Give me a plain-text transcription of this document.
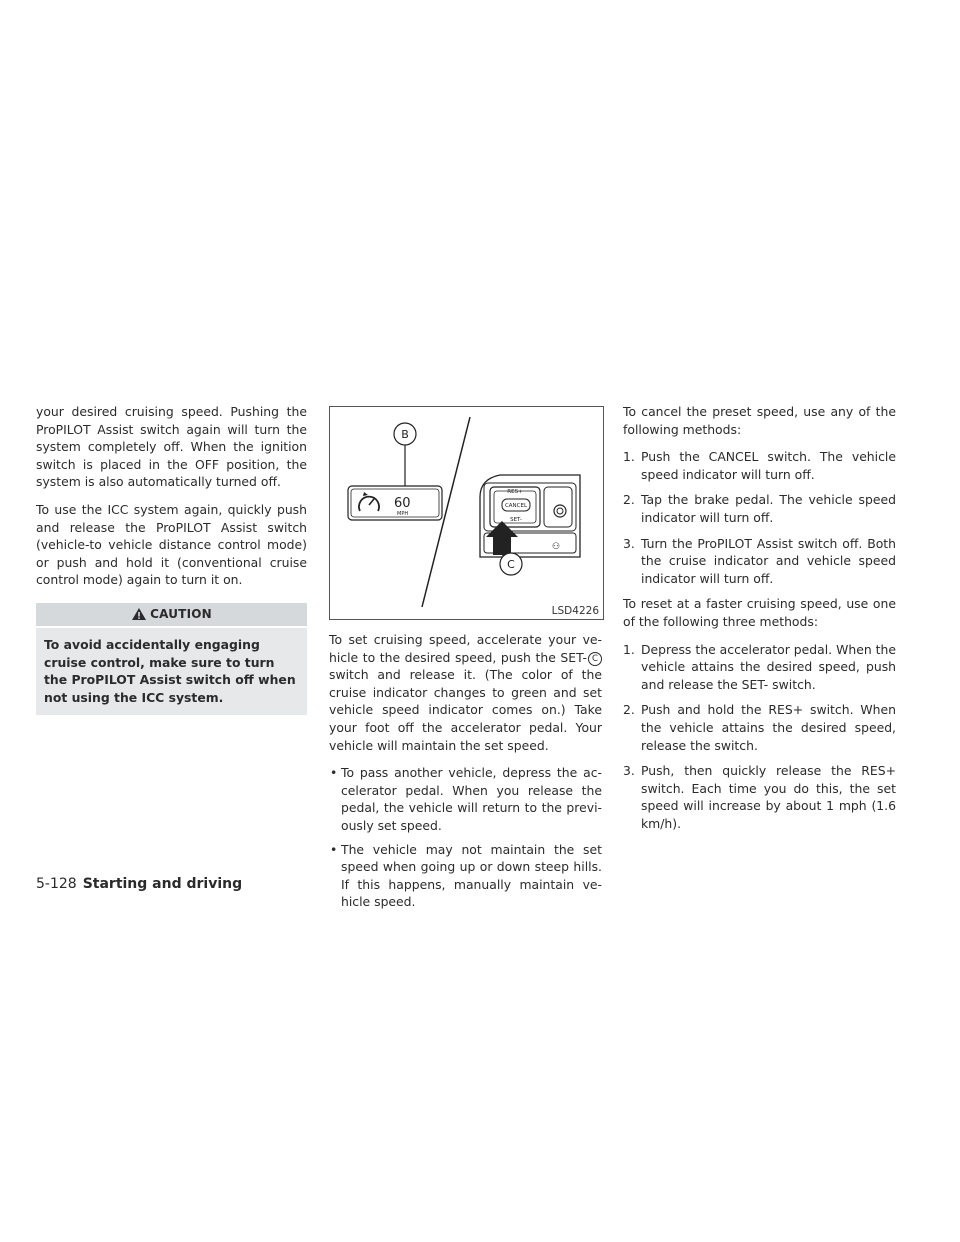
your desired cruising speed. Pushing the ProPILOT Assist switch again will turn the system completely off. When the ignition switch is placed in the OFF position, the system is also automatically turned off.

To use the ICC system again, quickly push and release the ProPILOT Assist switch (vehicle-to vehicle distance control mode) or push and hold it (conventional cruise control mode) again to turn it on.

CAUTION
To avoid accidentally engaging cruise control, make sure to turn the ProPILOT Assist switch off when not using the ICC system.
B
60
MPH
RES+
CANCEL
SET-
⚇
C
LSD4226

To set cruising speed, accelerate your ve-hicle to the desired speed, push the SET- C switch and release it. (The color of the cruise indicator changes to green and set vehicle speed indicator comes on.) Take your foot off the accelerator pedal. Your vehicle will maintain the set speed.

• To pass another vehicle, depress the ac-celerator pedal. When you release the pedal, the vehicle will return to the previ-ously set speed.
• The vehicle may not maintain the set speed when going up or down steep hills. If this happens, manually maintain ve-hicle speed.

To cancel the preset speed, use any of the following methods:

1. Push the CANCEL switch. The vehicle speed indicator will turn off.
2. Tap the brake pedal. The vehicle speed indicator will turn off.
3. Turn the ProPILOT Assist switch off. Both the cruise indicator and vehicle speed indicator will turn off.

To reset at a faster cruising speed, use one of the following three methods:

1. Depress the accelerator pedal. When the vehicle attains the desired speed, push and release the SET- switch.
2. Push and hold the RES+ switch. When the vehicle attains the desired speed, release the switch.
3. Push, then quickly release the RES+ switch. Each time you do this, the set speed will increase by about 1 mph (1.6 km/h).
5-128 Starting and driving
